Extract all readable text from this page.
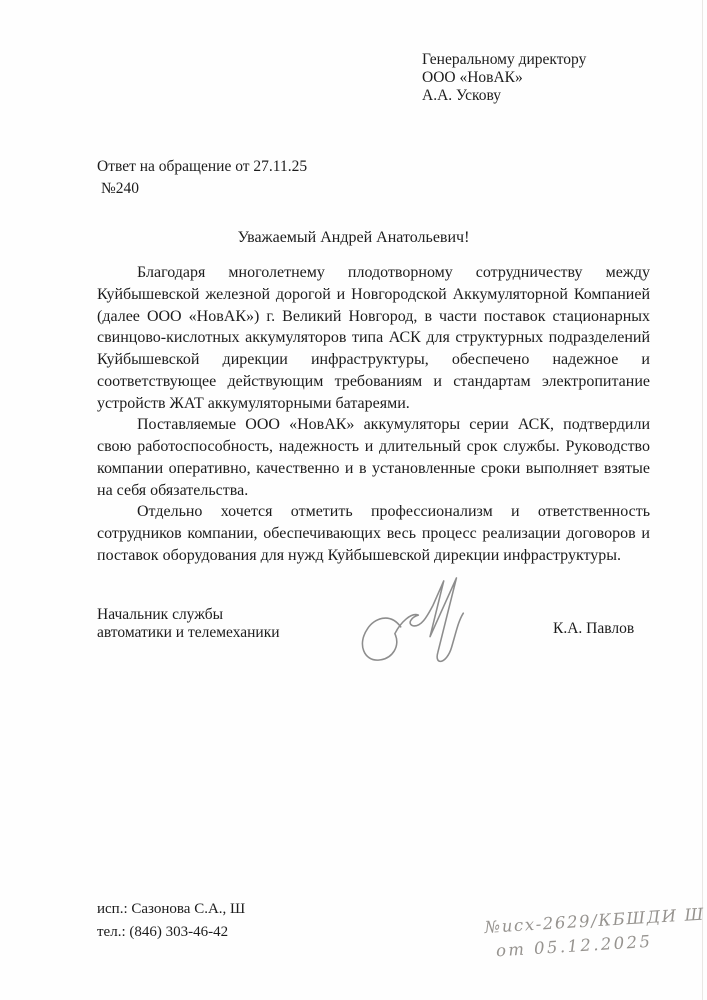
Генеральному директору
ООО «НовАК»
А.А. Ускову
Ответ на обращение от 27.11.25
№240
Уважаемый Андрей Анатольевич!

Благодаря многолетнему плодотворному сотрудничеству между Куйбышевской железной дорогой и Новгородской Аккумуляторной Компанией (далее ООО «НовАК») г. Великий Новгород, в части поставок стационарных свинцово-кислотных аккумуляторов типа АСК для структурных подразделений Куйбышевской дирекции инфраструктуры, обеспечено надежное и соответствующее действующим требованиям и стандартам электропитание устройств ЖАТ аккумуляторными батареями.

Поставляемые ООО «НовАК» аккумуляторы серии АСК, подтвердили свою работоспособность, надежность и длительный срок службы. Руководство компании оперативно, качественно и в установленные сроки выполняет взятые на себя обязательства.

Отдельно хочется отметить профессионализм и ответственность сотрудников компании, обеспечивающих весь процесс реализации договоров и поставок оборудования для нужд Куйбышевской дирекции инфраструктуры.

Начальник службы
автоматики и телемеханики	К.А. Павлов
исп.: Сазонова С.А., Ш
тел.: (846) 303-46-42	№исх-2629/КБШДИ Ш
от 05.12.2025
